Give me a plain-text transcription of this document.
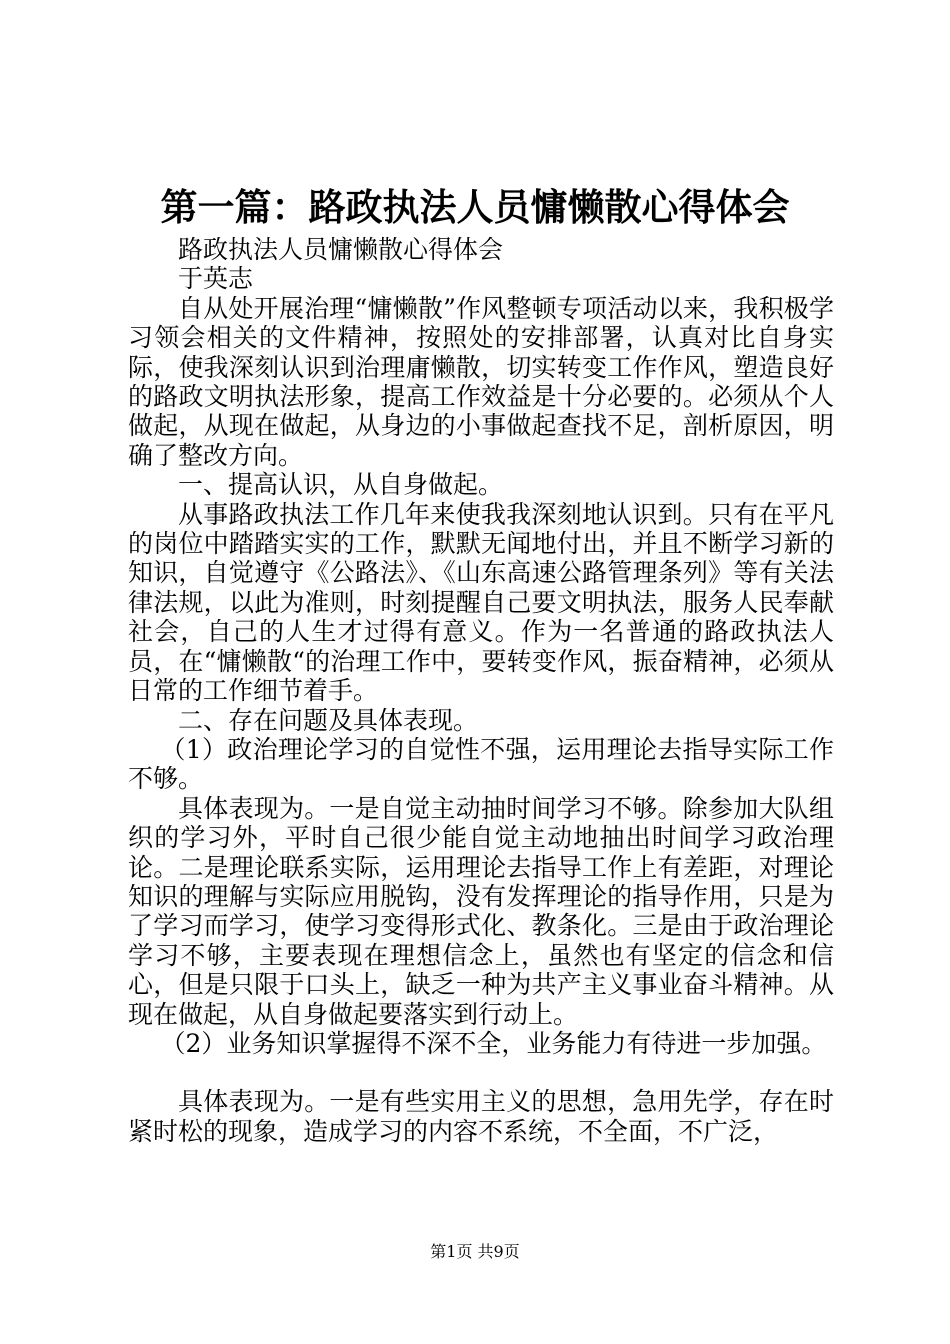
第一篇：路政执法人员慵懒散心得体会

路政执法人员慵懒散心得体会

于英志

自从处开展治理“慵懒散”作风整顿专项活动以来，我积极学习领会相关的文件精神，按照处的安排部署，认真对比自身实际，使我深刻认识到治理庸懒散，切实转变工作作风，塑造良好的路政文明执法形象，提高工作效益是十分必要的。必须从个人做起，从现在做起，从身边的小事做起查找不足，剖析原因，明确了整改方向。

一、提高认识，从自身做起。

从事路政执法工作几年来使我我深刻地认识到。只有在平凡的岗位中踏踏实实的工作，默默无闻地付出，并且不断学习新的知识，自觉遵守《公路法》、《山东高速公路管理条列》等有关法律法规，以此为准则，时刻提醒自己要文明执法，服务人民奉献社会，自己的人生才过得有意义。作为一名普通的路政执法人员，在“慵懒散“的治理工作中，要转变作风，振奋精神，必须从日常的工作细节着手。

二、存在问题及具体表现。

（1）政治理论学习的自觉性不强，运用理论去指导实际工作不够。

具体表现为。一是自觉主动抽时间学习不够。除参加大队组织的学习外，平时自己很少能自觉主动地抽出时间学习政治理论。二是理论联系实际，运用理论去指导工作上有差距，对理论知识的理解与实际应用脱钩，没有发挥理论的指导作用，只是为了学习而学习，使学习变得形式化、教条化。三是由于政治理论学习不够，主要表现在理想信念上，虽然也有坚定的信念和信心，但是只限于口头上，缺乏一种为共产主义事业奋斗精神。从现在做起，从自身做起要落实到行动上。

（2）业务知识掌握得不深不全，业务能力有待进一步加强。

具体表现为。一是有些实用主义的思想，急用先学，存在时紧时松的现象，造成学习的内容不系统，不全面，不广泛，

第1页 共9页
